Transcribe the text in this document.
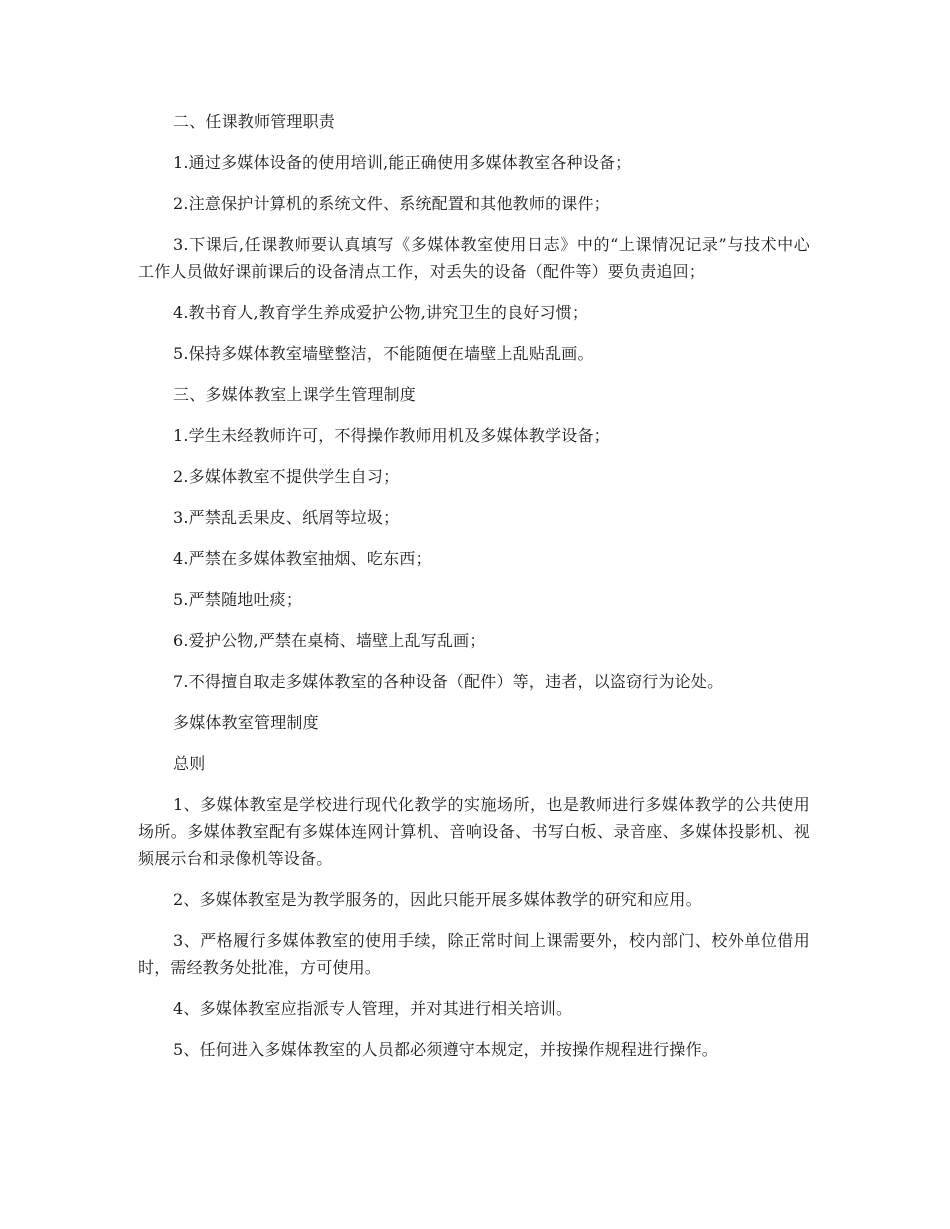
二、任课教师管理职责

1.通过多媒体设备的使用培训,能正确使用多媒体教室各种设备；

2.注意保护计算机的系统文件、系统配置和其他教师的课件；

3.下课后,任课教师要认真填写《多媒体教室使用日志》中的“上课情况记录”与技术中心工作人员做好课前课后的设备清点工作，对丢失的设备（配件等）要负责追回；

4.教书育人,教育学生养成爱护公物,讲究卫生的良好习惯；

5.保持多媒体教室墙壁整洁，不能随便在墙壁上乱贴乱画。

三、多媒体教室上课学生管理制度

1.学生未经教师许可，不得操作教师用机及多媒体教学设备；

2.多媒体教室不提供学生自习；

3.严禁乱丢果皮、纸屑等垃圾；

4.严禁在多媒体教室抽烟、吃东西；

5.严禁随地吐痰；

6.爱护公物,严禁在桌椅、墙壁上乱写乱画；

7.不得擅自取走多媒体教室的各种设备（配件）等，违者，以盗窃行为论处。

多媒体教室管理制度

总则

1、多媒体教室是学校进行现代化教学的实施场所，也是教师进行多媒体教学的公共使用场所。多媒体教室配有多媒体连网计算机、音响设备、书写白板、录音座、多媒体投影机、视频展示台和录像机等设备。

2、多媒体教室是为教学服务的，因此只能开展多媒体教学的研究和应用。

3、严格履行多媒体教室的使用手续，除正常时间上课需要外，校内部门、校外单位借用时，需经教务处批准，方可使用。

4、多媒体教室应指派专人管理，并对其进行相关培训。

5、任何进入多媒体教室的人员都必须遵守本规定，并按操作规程进行操作。
